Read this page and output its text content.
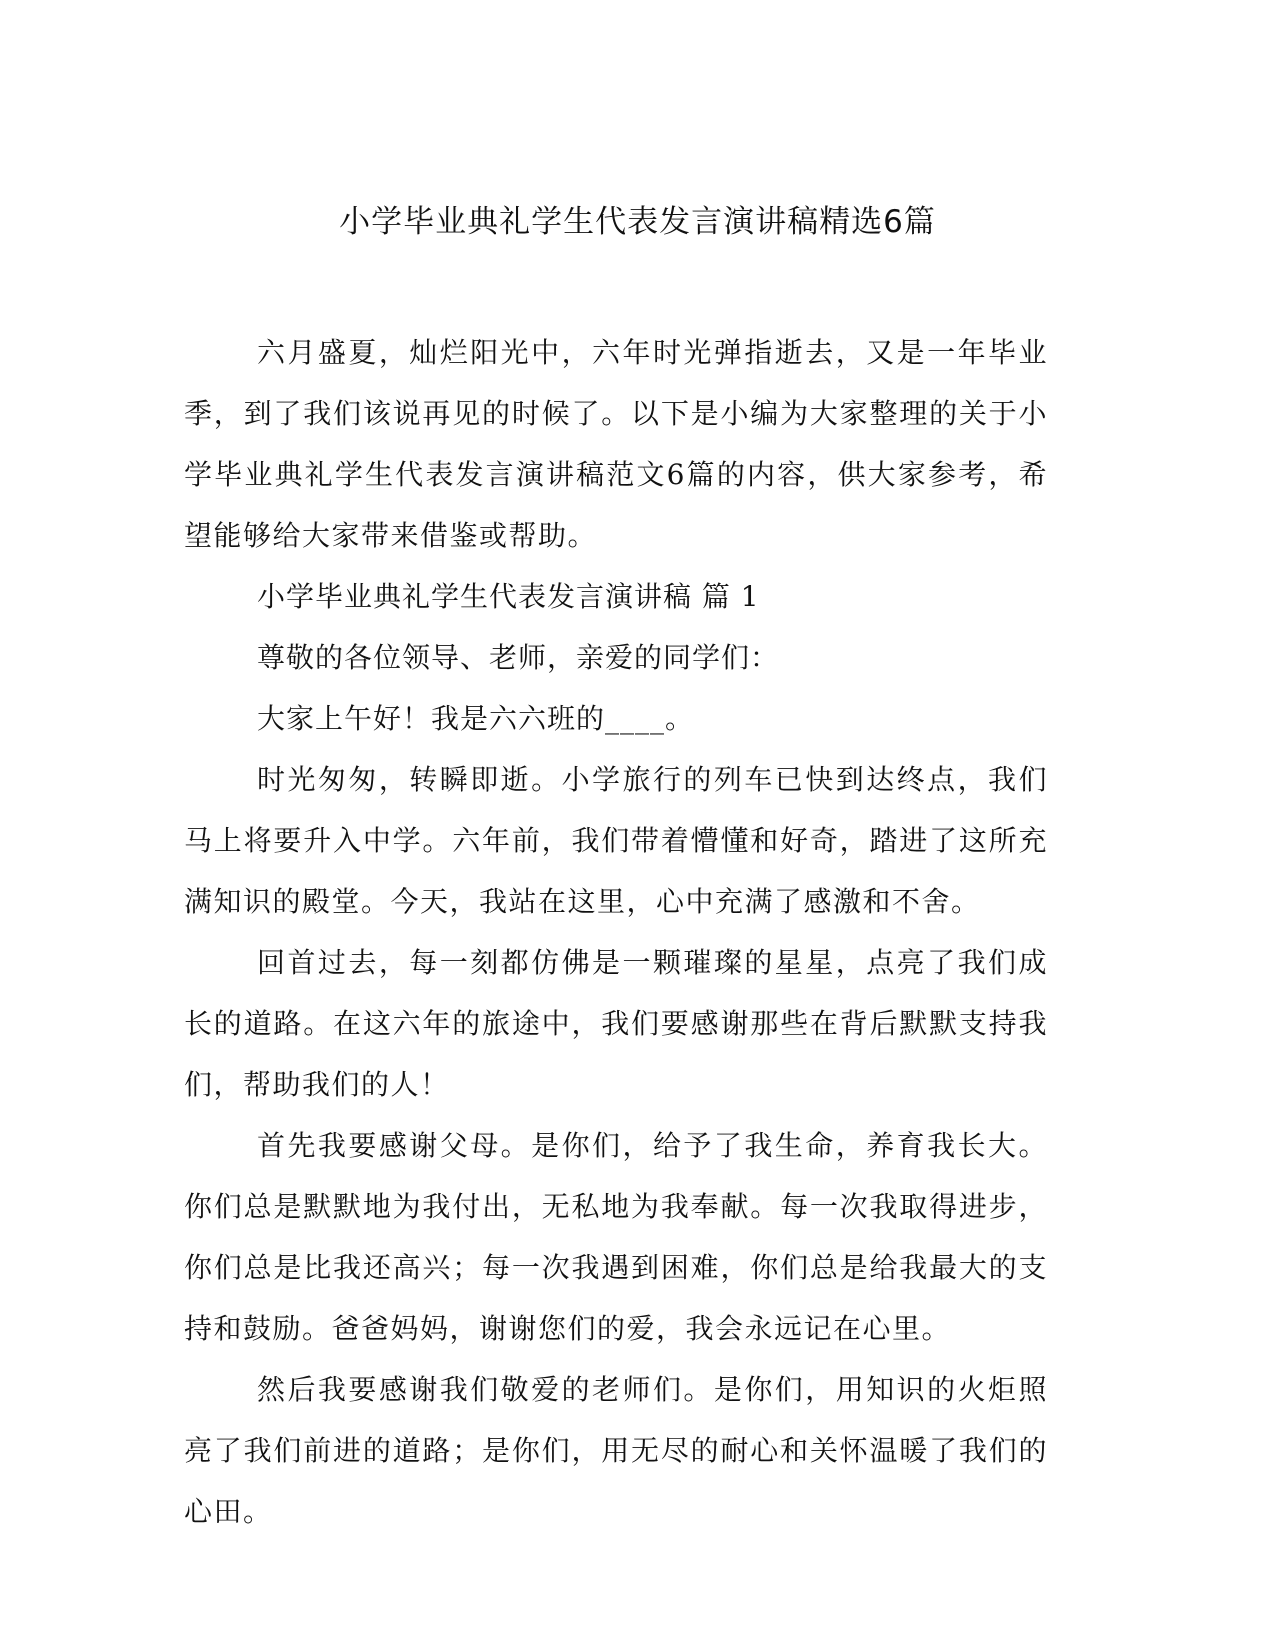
小学毕业典礼学生代表发言演讲稿精选6篇

六月盛夏，灿烂阳光中，六年时光弹指逝去，又是一年毕业季，到了我们该说再见的时候了。以下是小编为大家整理的关于小学毕业典礼学生代表发言演讲稿范文6篇的内容，供大家参考，希望能够给大家带来借鉴或帮助。

小学毕业典礼学生代表发言演讲稿 篇 1

尊敬的各位领导、老师，亲爱的同学们：

大家上午好！我是六六班的____。

时光匆匆，转瞬即逝。小学旅行的列车已快到达终点，我们马上将要升入中学。六年前，我们带着懵懂和好奇，踏进了这所充满知识的殿堂。今天，我站在这里，心中充满了感激和不舍。

回首过去，每一刻都仿佛是一颗璀璨的星星，点亮了我们成长的道路。在这六年的旅途中，我们要感谢那些在背后默默支持我们，帮助我们的人！

首先我要感谢父母。是你们，给予了我生命，养育我长大。你们总是默默地为我付出，无私地为我奉献。每一次我取得进步，你们总是比我还高兴；每一次我遇到困难，你们总是给我最大的支持和鼓励。爸爸妈妈，谢谢您们的爱，我会永远记在心里。

然后我要感谢我们敬爱的老师们。是你们，用知识的火炬照亮了我们前进的道路；是你们，用无尽的耐心和关怀温暖了我们的心田。
